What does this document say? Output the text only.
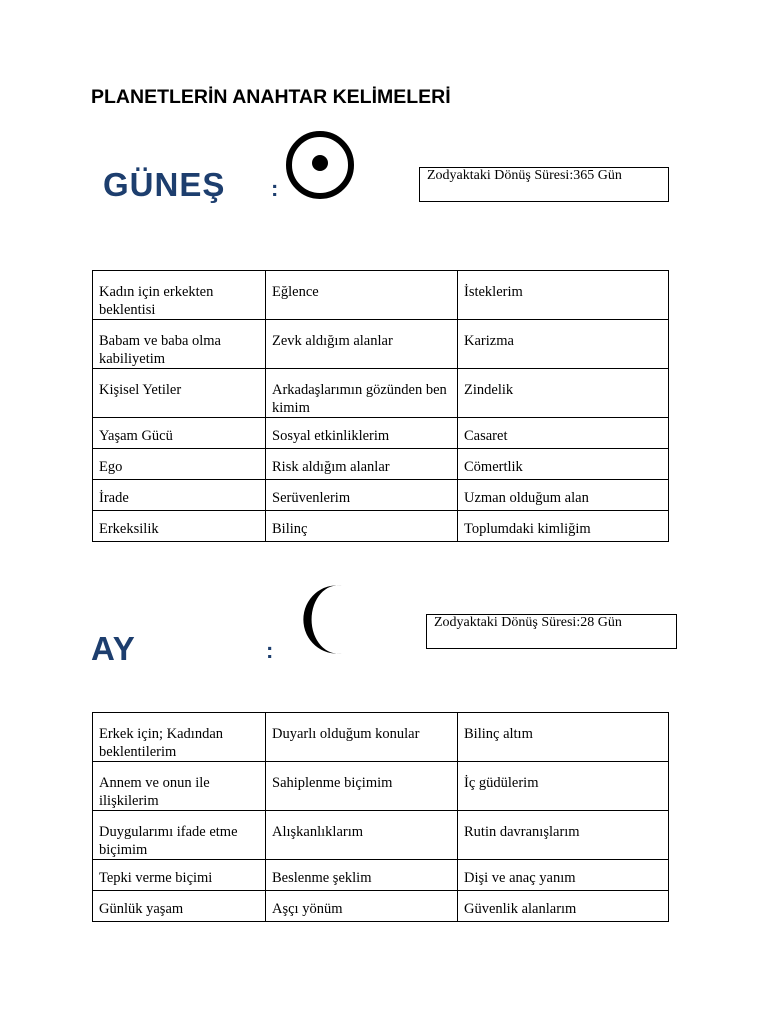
PLANETLERİN ANAHTAR KELİMELERİ
GÜNEŞ :
Zodyaktaki Dönüş Süresi:365 Gün
Kadın için erkekten beklentisi	Eğlence	İsteklerim
Babam ve baba olma kabiliyetim	Zevk aldığım alanlar	Karizma
Kişisel Yetiler	Arkadaşlarımın gözünden ben kimim	Zindelik
Yaşam Gücü	Sosyal etkinliklerim	Casaret
Ego	Risk aldığım alanlar	Cömertlik
İrade	Serüvenlerim	Uzman olduğum alan
Erkeksilik	Bilinç	Toplumdaki kimliğim
AY	:
Zodyaktaki Dönüş Süresi:28 Gün
Erkek için; Kadından beklentilerim	Duyarlı olduğum konular	Bilinç altım
Annem ve onun ile ilişkilerim	Sahiplenme biçimim	İç güdülerim
Duygularımı ifade etme biçimim	Alışkanlıklarım	Rutin davranışlarım
Tepki verme biçimi	Beslenme şeklim	Dişi ve anaç yanım
Günlük yaşam	Aşçı yönüm	Güvenlik alanlarım
